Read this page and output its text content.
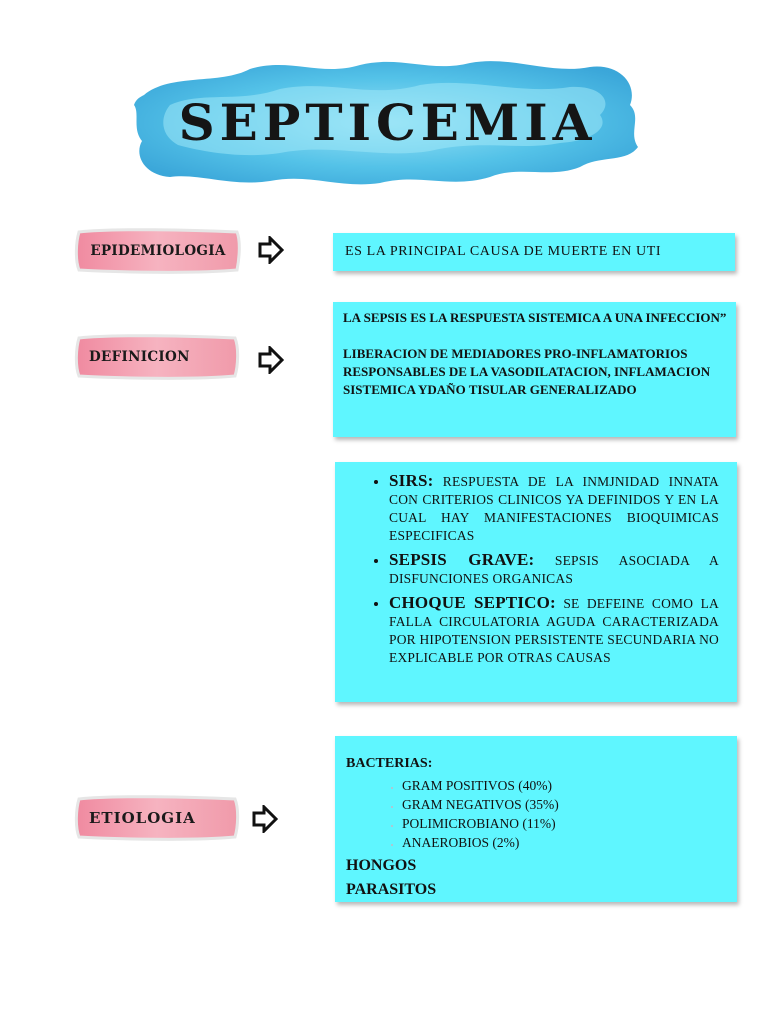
SEPTICEMIA
EPIDEMIOLOGIA	ES LA PRINCIPAL CAUSA DE MUERTE EN UTI
DEFINICION

LA SEPSIS ES LA RESPUESTA SISTEMICA A UNA INFECCION”

LIBERACION DE MEDIADORES PRO-INFLAMATORIOS RESPONSABLES DE LA VASODILATACION, INFLAMACION SISTEMICA YDAÑO TISULAR GENERALIZADO

• SIRS: RESPUESTA DE LA INMJNIDAD INNATA CON CRITERIOS CLINICOS YA DEFINIDOS Y EN LA CUAL HAY MANIFESTACIONES BIOQUIMICAS ESPECIFICAS
• SEPSIS GRAVE: SEPSIS ASOCIADA A DISFUNCIONES ORGANICAS
• CHOQUE SEPTICO: SE DEFEINE COMO LA FALLA CIRCULATORIA AGUDA CARACTERIZADA POR HIPOTENSION PERSISTENTE SECUNDARIA NO EXPLICABLE POR OTRAS CAUSAS
ETIOLOGIA
BACTERIAS:
▪ GRAM POSITIVOS (40%)
▪ GRAM NEGATIVOS (35%)
▪ POLIMICROBIANO (11%)
▪ ANAEROBIOS (2%)
HONGOS
PARASITOS
